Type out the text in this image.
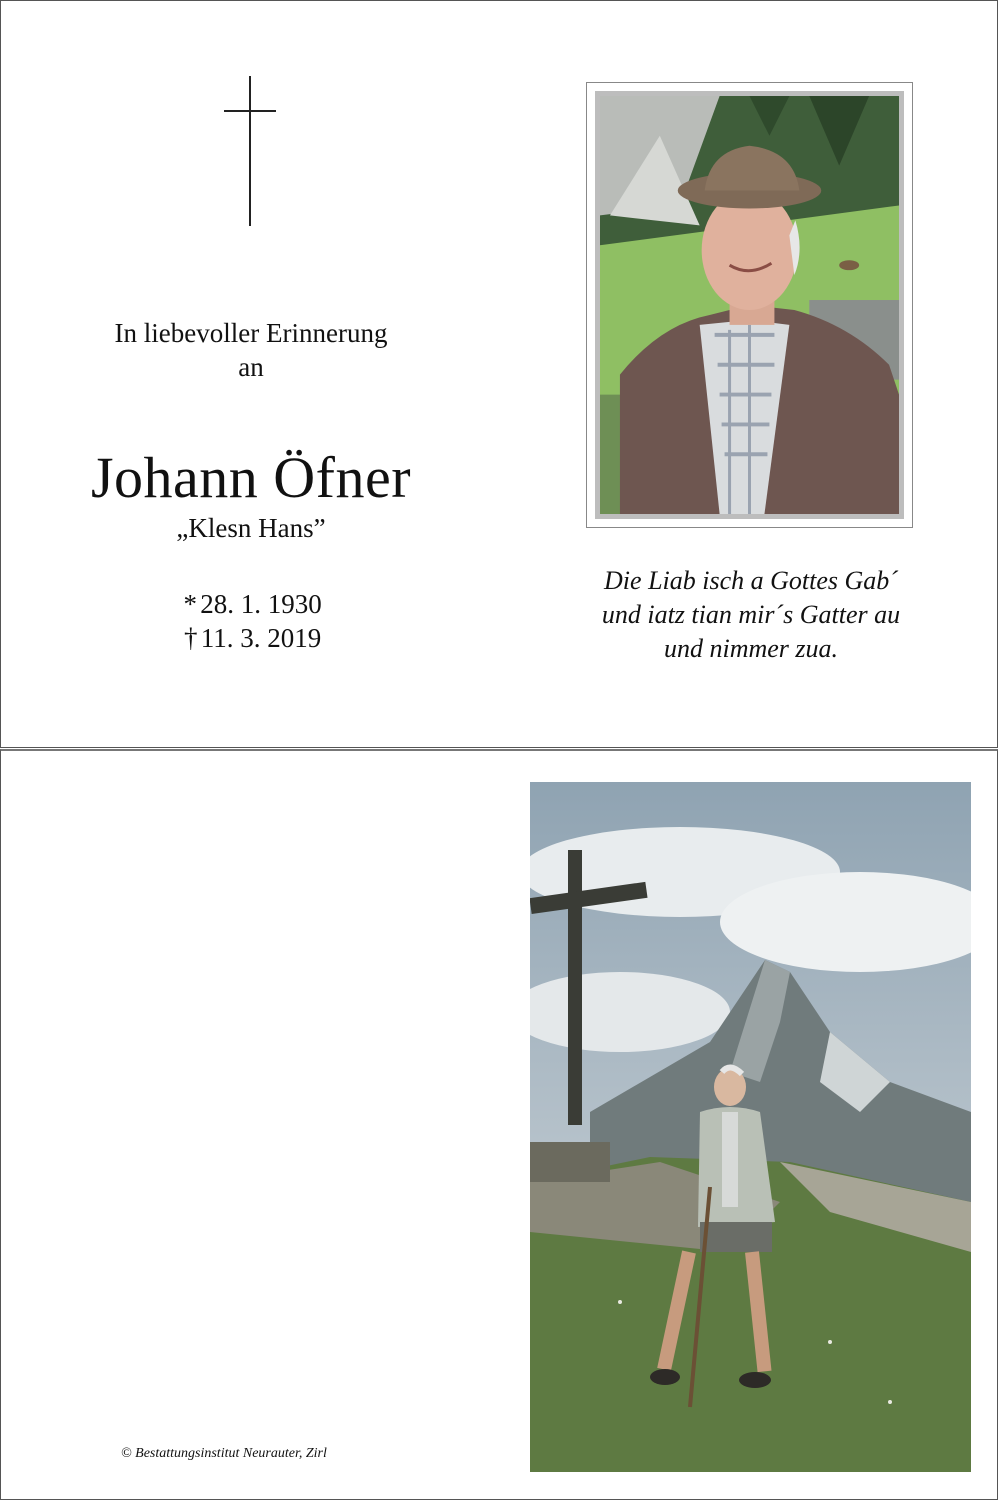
In liebevoller Erinnerung
an
Johann Öfner
„Klesn Hans”
* 28. 1. 1930
† 11. 3. 2019
Die Liab isch a Gottes Gab´
und iatz tian mir´s Gatter au
und nimmer zua.
© Bestattungsinstitut Neurauter, Zirl
